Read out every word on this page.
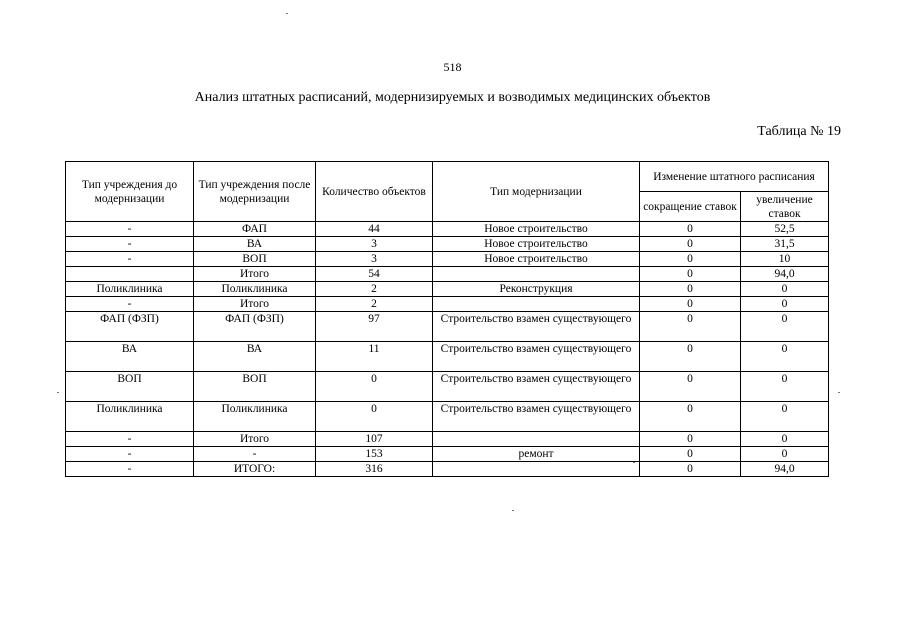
518
Анализ штатных расписаний, модернизируемых и возводимых медицинских объектов
Таблица № 19
Тип учреждения до модернизации	Тип учреждения после модернизации	Количество объектов	Тип модернизации	Изменение штатного расписания	
				сокращение ставок	увеличение ставок
-	ФАП	44	Новое строительство	0	52,5
-	ВА	3	Новое строительство	0	31,5
-	ВОП	3	Новое строительство	0	10
	Итого	54		0	94,0
Поликлиника	Поликлиника	2	Реконструкция	0	0
-	Итого	2		0	0
ФАП (ФЗП)	ФАП (ФЗП)	97	Строительство взамен существующего	0	0
ВА	ВА	11	Строительство взамен существующего	0	0
ВОП	ВОП	0	Строительство взамен существующего	0	0
Поликлиника	Поликлиника	0	Строительство взамен существующего	0	0
-	Итого	107		0	0
-	-	153	ремонт	0	0
-	ИТОГО:	316		0	94,0
